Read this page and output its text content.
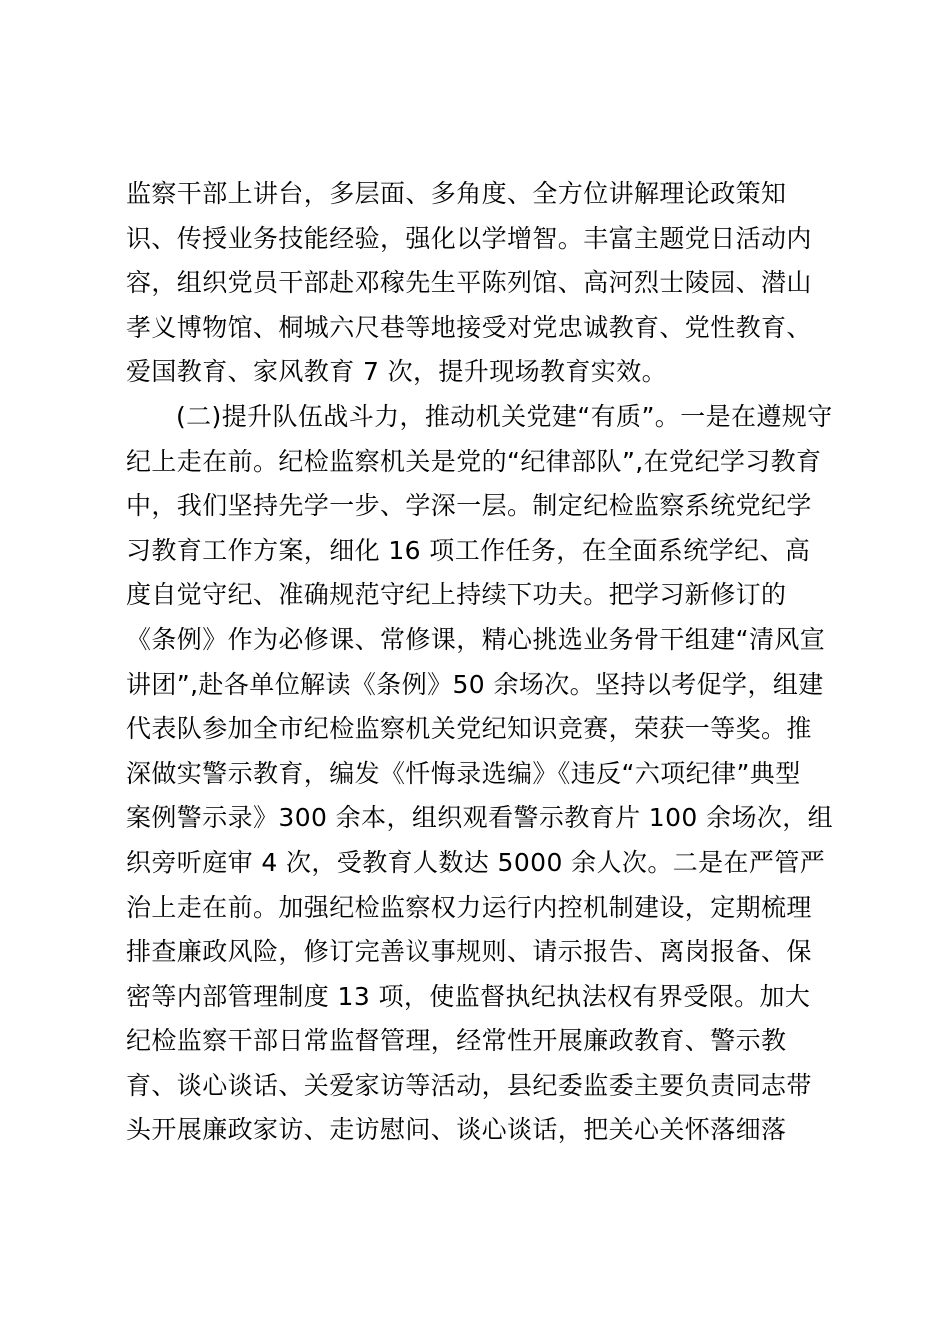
监察干部上讲台，多层面、多角度、全方位讲解理论政策知
识、传授业务技能经验，强化以学增智。丰富主题党日活动内
容，组织党员干部赴邓稼先生平陈列馆、高河烈士陵园、潜山
孝义博物馆、桐城六尺巷等地接受对党忠诚教育、党性教育、
爱国教育、家风教育 7 次，提升现场教育实效。
(二)提升队伍战斗力，推动机关党建“有质”。一是在遵规守
纪上走在前。纪检监察机关是党的“纪律部队”,在党纪学习教育
中，我们坚持先学一步、学深一层。制定纪检监察系统党纪学
习教育工作方案，细化 16 项工作任务，在全面系统学纪、高
度自觉守纪、准确规范守纪上持续下功夫。把学习新修订的
《条例》作为必修课、常修课，精心挑选业务骨干组建“清风宣
讲团”,赴各单位解读《条例》50 余场次。坚持以考促学，组建
代表队参加全市纪检监察机关党纪知识竞赛，荣获一等奖。推
深做实警示教育，编发《忏悔录选编》《违反“六项纪律”典型
案例警示录》300 余本，组织观看警示教育片 100 余场次，组
织旁听庭审 4 次，受教育人数达 5000 余人次。二是在严管严
治上走在前。加强纪检监察权力运行内控机制建设，定期梳理
排查廉政风险，修订完善议事规则、请示报告、离岗报备、保
密等内部管理制度 13 项，使监督执纪执法权有界受限。加大
纪检监察干部日常监督管理，经常性开展廉政教育、警示教
育、谈心谈话、关爱家访等活动，县纪委监委主要负责同志带
头开展廉政家访、走访慰问、谈心谈话，把关心关怀落细落
